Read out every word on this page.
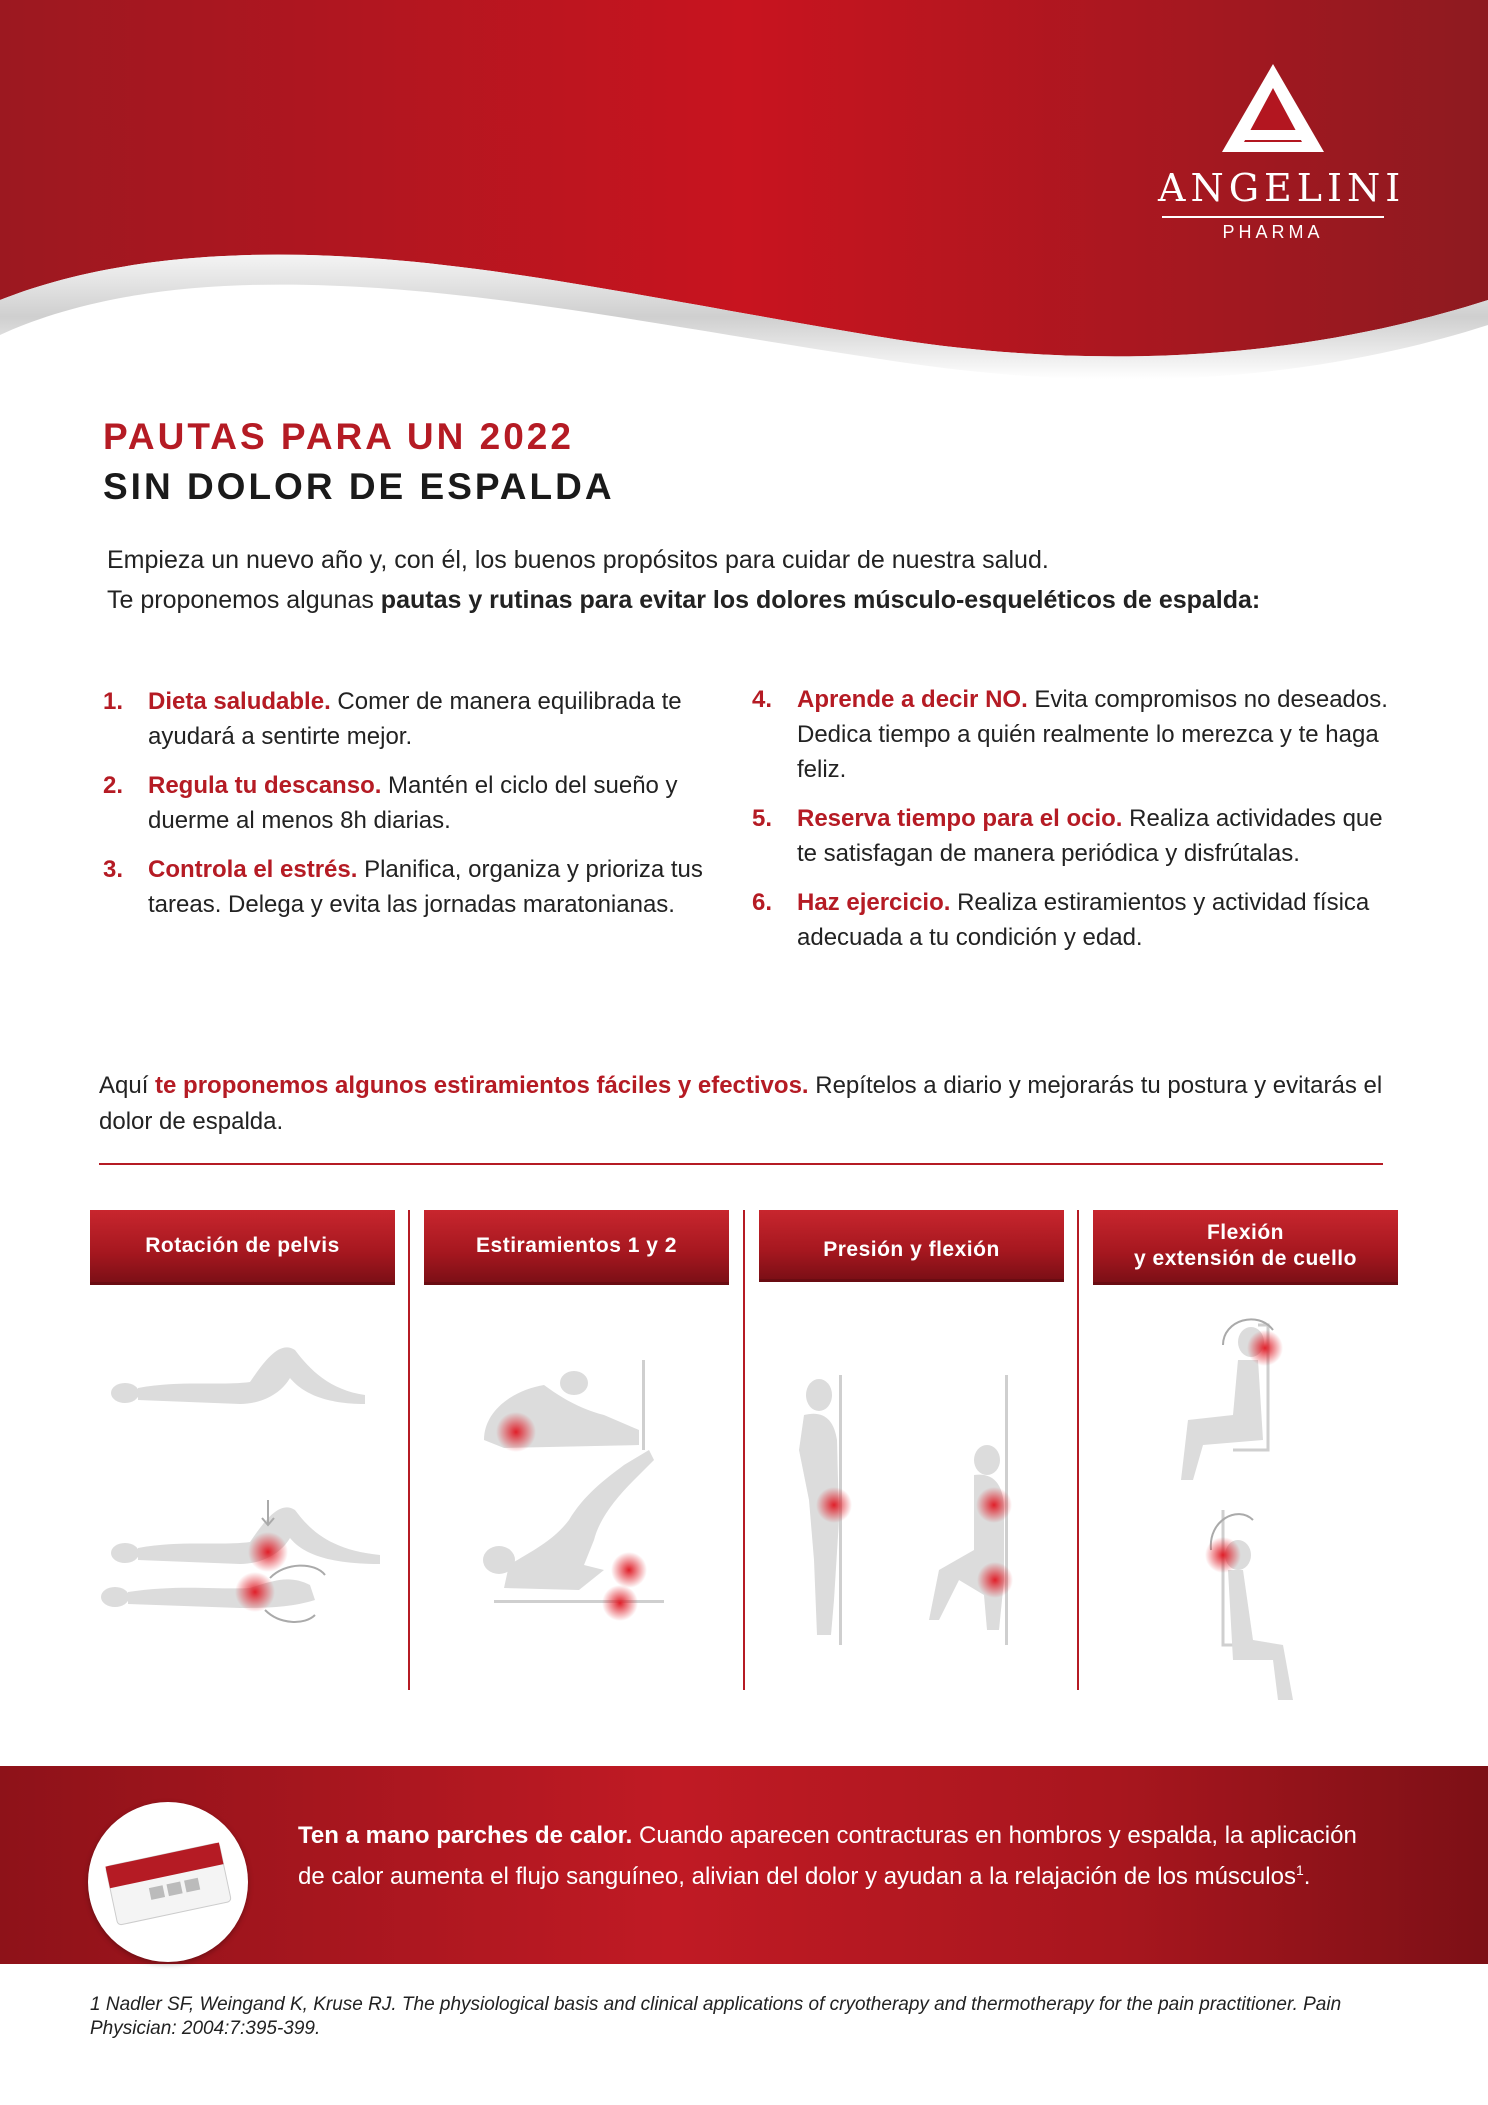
ANGELINI
PHARMA
PAUTAS PARA UN 2022
SIN DOLOR DE ESPALDA
Empieza un nuevo año y, con él, los buenos propósitos para cuidar de nuestra salud.
Te proponemos algunas pautas y rutinas para evitar los dolores músculo-esqueléticos de espalda:
1. Dieta saludable. Comer de manera equilibrada te ayudará a sentirte mejor.
2. Regula tu descanso. Mantén el ciclo del sueño y duerme al menos 8h diarias.
3. Controla el estrés. Planifica, organiza y prioriza tus tareas. Delega y evita las jornadas maratonianas.
4. Aprende a decir NO. Evita compromisos no deseados. Dedica tiempo a quién realmente lo merezca y te haga feliz.
5. Reserva tiempo para el ocio. Realiza actividades que te satisfagan de manera periódica y disfrútalas.
6. Haz ejercicio. Realiza estiramientos y actividad física adecuada a tu condición y edad.
Aquí te proponemos algunos estiramientos fáciles y efectivos. Repítelos a diario y mejorarás tu postura y evitarás el dolor de espalda.
Rotación de pelvis	Estiramientos 1 y 2	Presión y flexión
Flexión
y extensión de cuello
Ten a mano parches de calor. Cuando aparecen contracturas en hombros y espalda, la aplicación de calor aumenta el flujo sanguíneo, alivian del dolor y ayudan a la relajación de los músculos$^1$.
1 Nadler SF, Weingand K, Kruse RJ. The physiological basis and clinical applications of cryotherapy and thermotherapy for the pain practitioner. Pain Physician: 2004:7:395-399.
